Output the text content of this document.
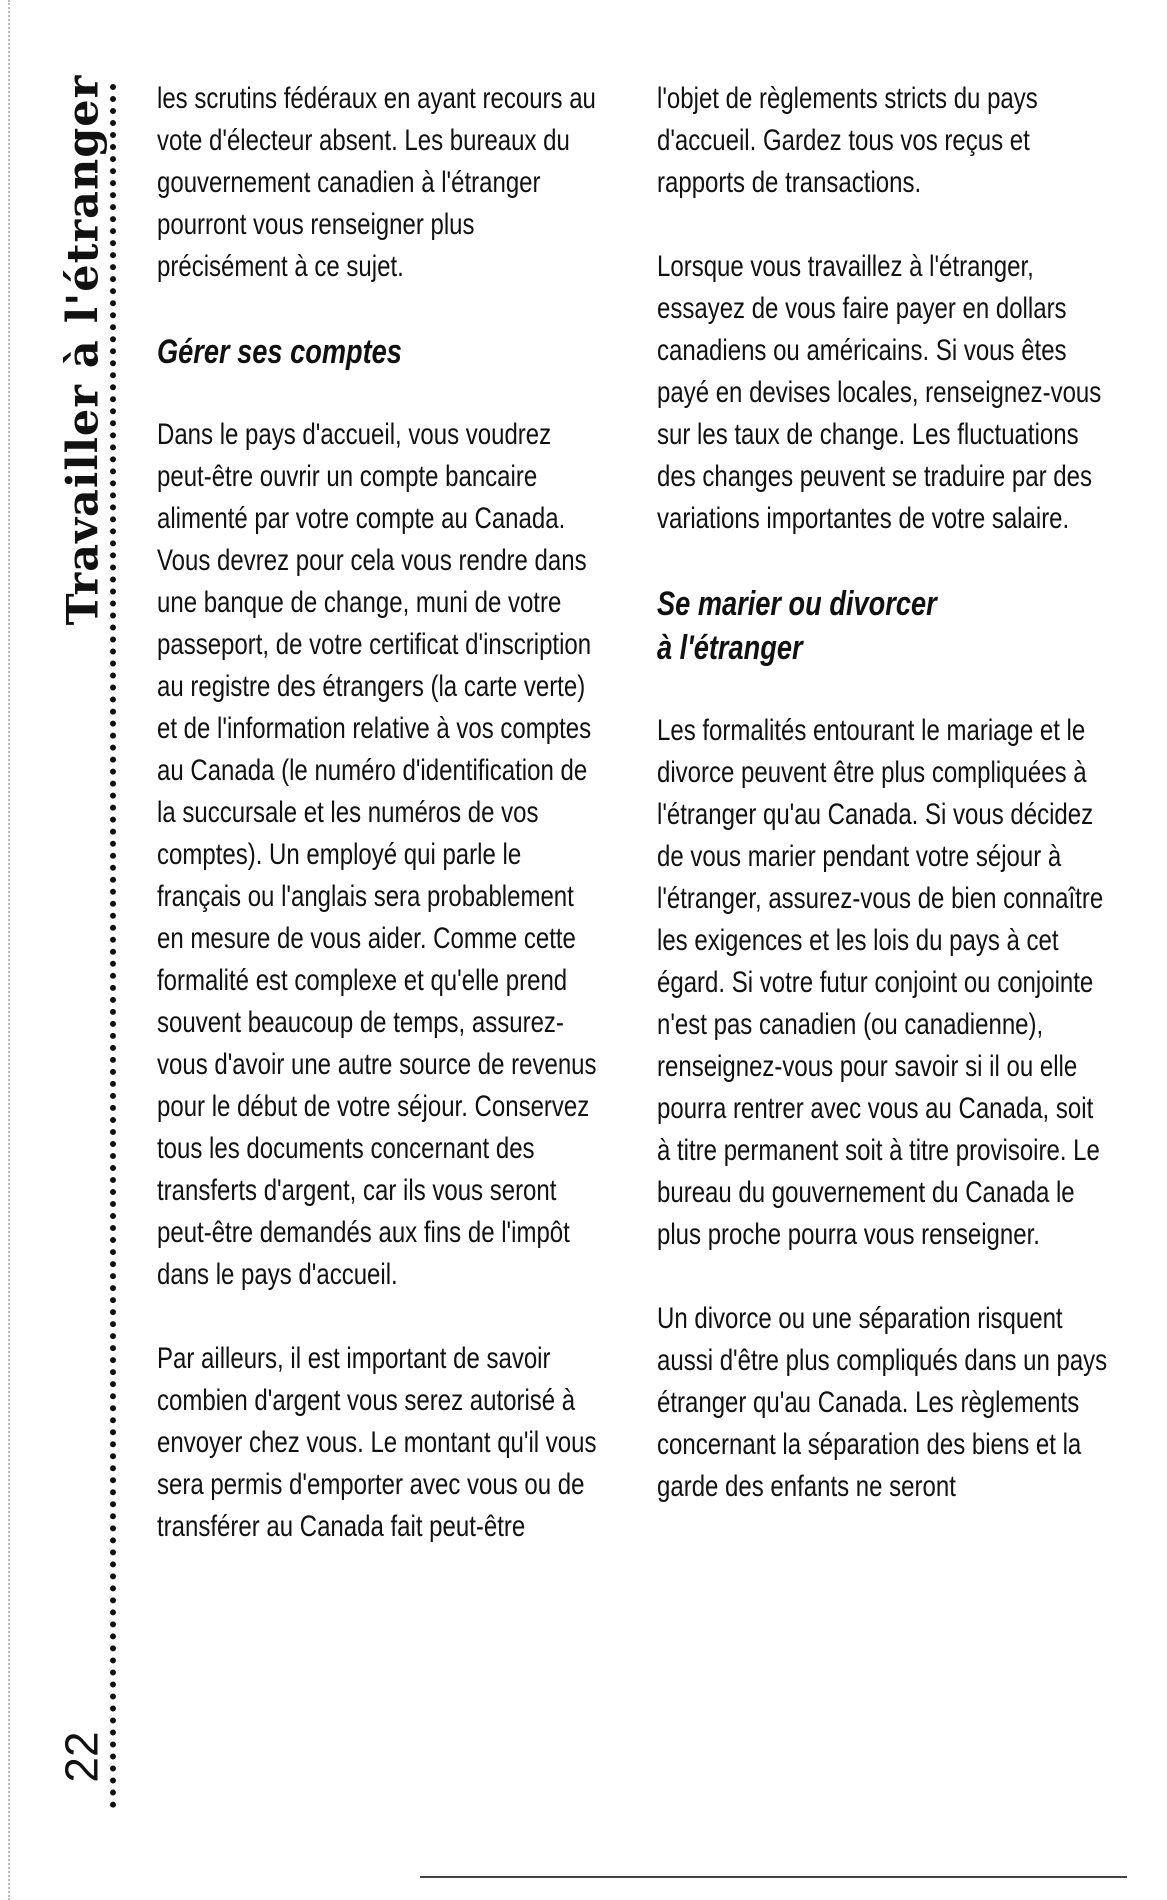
Travailler à l'étranger
22

les scrutins fédéraux en ayant recours au vote d'électeur absent. Les bureaux du gouvernement canadien à l'étranger pourront vous renseigner plus précisément à ce sujet.

Gérer ses comptes

Dans le pays d'accueil, vous voudrez peut-être ouvrir un compte bancaire alimenté par votre compte au Canada. Vous devrez pour cela vous rendre dans une banque de change, muni de votre passeport, de votre certificat d'inscription au registre des étrangers (la carte verte) et de l'information relative à vos comptes au Canada (le numéro d'identification de la succursale et les numéros de vos comptes). Un employé qui parle le français ou l'anglais sera probablement en mesure de vous aider. Comme cette formalité est complexe et qu'elle prend souvent beaucoup de temps, assurez-vous d'avoir une autre source de revenus pour le début de votre séjour. Conservez tous les documents concernant des transferts d'argent, car ils vous seront peut-être demandés aux fins de l'impôt dans le pays d'accueil.

Par ailleurs, il est important de savoir combien d'argent vous serez autorisé à envoyer chez vous. Le montant qu'il vous sera permis d'emporter avec vous ou de transférer au Canada fait peut-être

l'objet de règlements stricts du pays d'accueil. Gardez tous vos reçus et rapports de transactions.

Lorsque vous travaillez à l'étranger, essayez de vous faire payer en dollars canadiens ou américains. Si vous êtes payé en devises locales, renseignez-vous sur les taux de change. Les fluctuations des changes peuvent se traduire par des variations importantes de votre salaire.

Se marier ou divorcer
à l'étranger

Les formalités entourant le mariage et le divorce peuvent être plus compliquées à l'étranger qu'au Canada. Si vous décidez de vous marier pendant votre séjour à l'étranger, assurez-vous de bien connaître les exigences et les lois du pays à cet égard. Si votre futur conjoint ou conjointe n'est pas canadien (ou canadienne), renseignez-vous pour savoir si il ou elle pourra rentrer avec vous au Canada, soit à titre permanent soit à titre provisoire. Le bureau du gouvernement du Canada le plus proche pourra vous renseigner.

Un divorce ou une séparation risquent aussi d'être plus compliqués dans un pays étranger qu'au Canada. Les règlements concernant la séparation des biens et la garde des enfants ne seront
